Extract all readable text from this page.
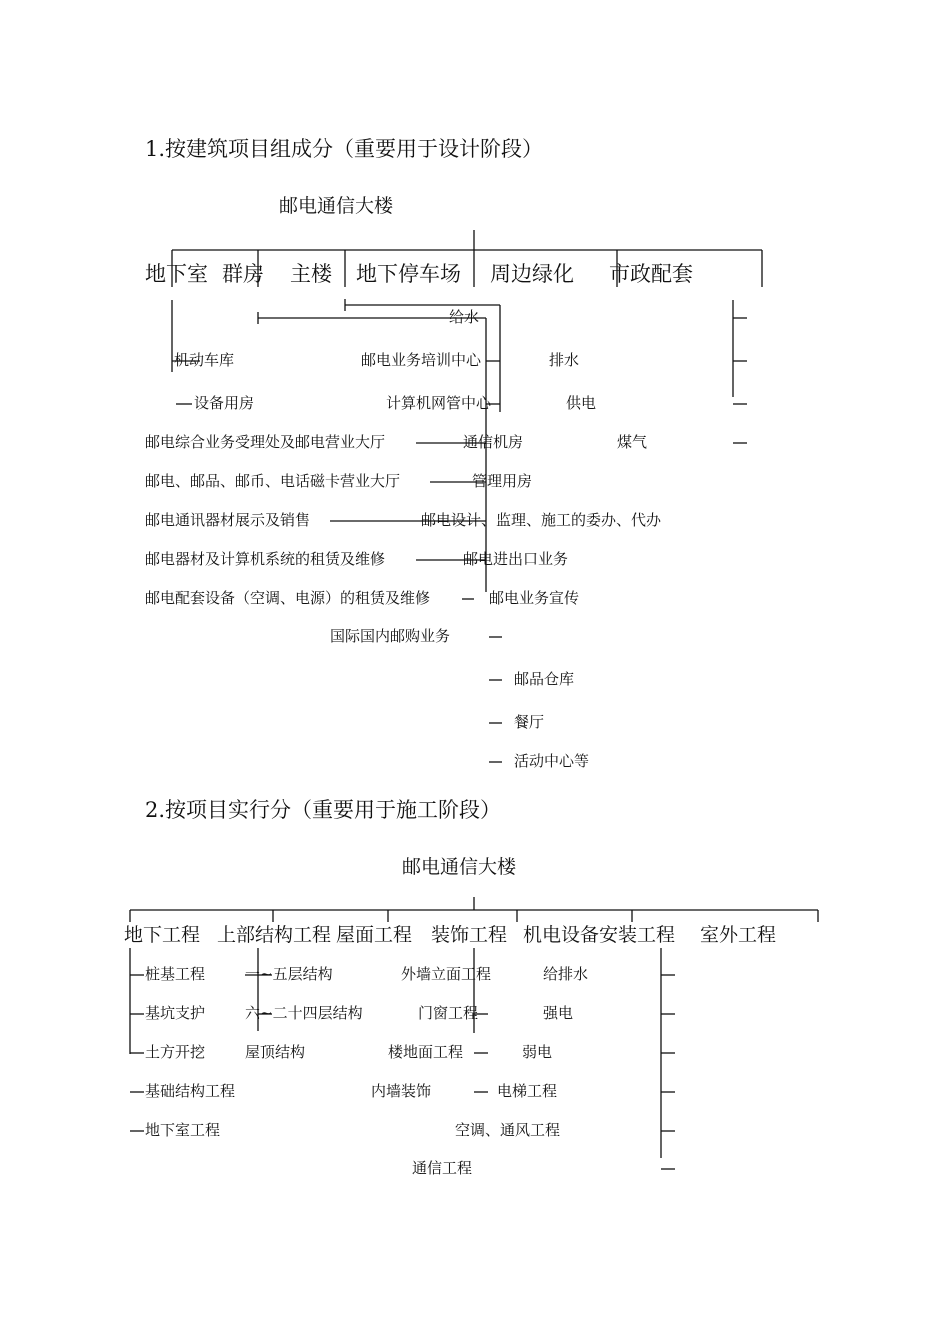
1.按建筑项目组成分（重要用于设计阶段）
邮电通信大楼
地下室 群房 主楼 地下停车场 周边绿化 市政配套
机动车库
设备用房
邮电综合业务受理处及邮电营业大厅
邮电、邮品、邮币、电话磁卡营业大厅
邮电通讯器材展示及销售
邮电器材及计算机系统的租赁及维修
邮电配套设备（空调、电源）的租赁及维修
国际国内邮购业务
邮电业务培训中心
计算机网管中心
通信机房
管理用房
邮电设计、监理、施工的委办、代办
邮电进出口业务
邮电业务宣传
邮品仓库
餐厅
活动中心等
给水
排水
供电
煤气
2.按项目实行分（重要用于施工阶段）
邮电通信大楼
地下工程 上部结构工程 屋面工程 装饰工程 机电设备安装工程 室外工程
桩基工程
基坑支护
土方开挖
基础结构工程
地下室工程
一~五层结构
六~二十四层结构
屋顶结构
外墙立面工程
门窗工程
楼地面工程
内墙装饰
给排水
强电
弱电
电梯工程
空调、通风工程
通信工程
